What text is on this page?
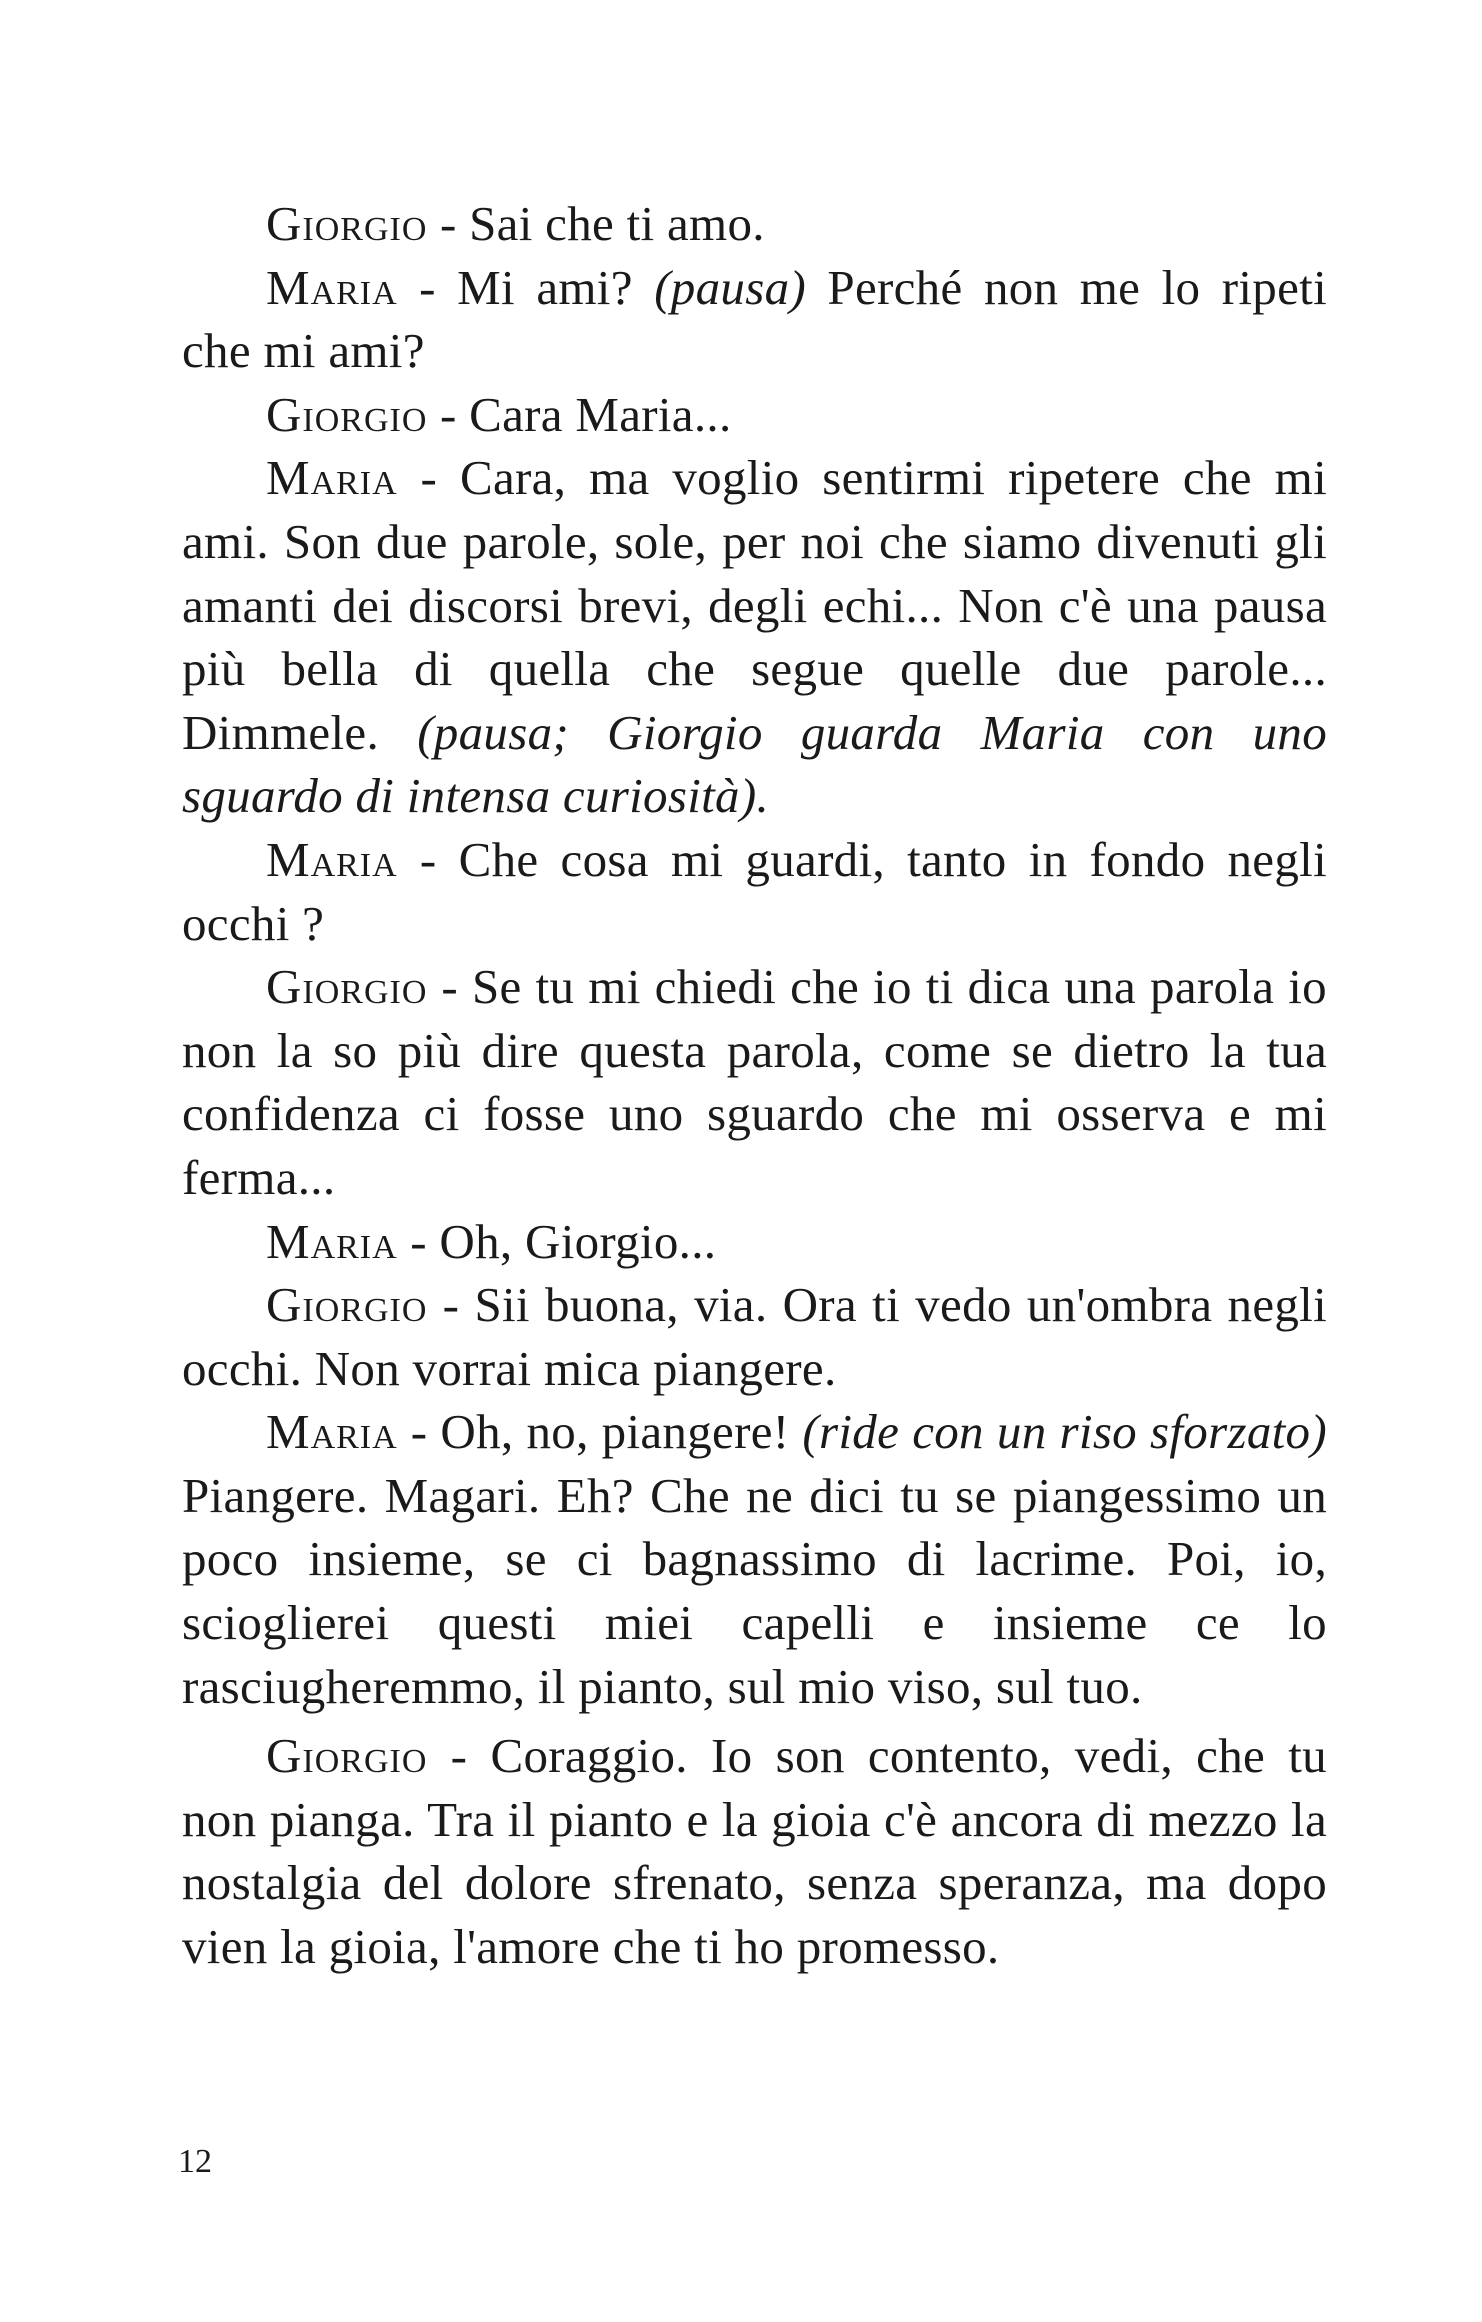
Giorgio - Sai che ti amo.

Maria - Mi ami? (pausa) Perché non me lo ripeti che mi ami?

Giorgio - Cara Maria...

Maria - Cara, ma voglio sentirmi ripetere che mi ami. Son due parole, sole, per noi che siamo divenuti gli amanti dei discorsi brevi, degli echi... Non c'è una pausa più bella di quella che segue quelle due parole... Dimmele. (pausa; Giorgio guarda Maria con uno sguardo di intensa curiosità).

Maria - Che cosa mi guardi, tanto in fondo negli occhi ?

Giorgio - Se tu mi chiedi che io ti dica una parola io non la so più dire questa parola, come se dietro la tua confidenza ci fosse uno sguardo che mi osserva e mi ferma...

Maria - Oh, Giorgio...

Giorgio - Sii buona, via. Ora ti vedo un'ombra negli occhi. Non vorrai mica piangere.

Maria - Oh, no, piangere! (ride con un riso sforzato) Piangere. Magari. Eh? Che ne dici tu se piangessimo un poco insieme, se ci bagnassimo di lacrime. Poi, io, scioglierei questi miei capelli e insieme ce lo rasciugheremmo, il pianto, sul mio viso, sul tuo.

Giorgio - Coraggio. Io son contento, vedi, che tu non pianga. Tra il pianto e la gioia c'è ancora di mezzo la nostalgia del dolore sfrenato, senza speranza, ma dopo vien la gioia, l'amore che ti ho promesso.

12
